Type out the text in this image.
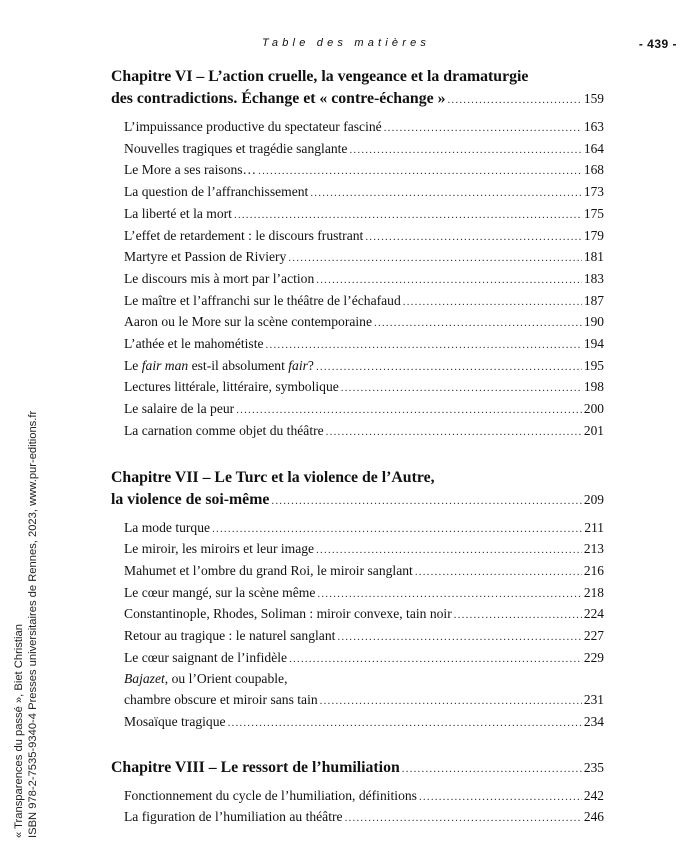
Table des matières	- 439 -
« Transparences du passé », Biet Christian ISBN 978-2-7535-9340-4 Presses universitaires de Rennes, 2023, www.pur-editions.fr
Chapitre VI – L’action cruelle, la vengeance et la dramaturgie
des contradictions. Échange et « contre-échange » .....	159
L’impuissance productive du spectateur fasciné .....	163
Nouvelles tragiques et tragédie sanglante .....	164
Le More a ses raisons… .....	168
La question de l’affranchissement .....	173
La liberté et la mort .....	175
L’effet de retardement : le discours frustrant .....	179
Martyre et Passion de Riviery .....	181
Le discours mis à mort par l’action .....	183
Le maître et l’affranchi sur le théâtre de l’échafaud .....	187
Aaron ou le More sur la scène contemporaine .....	190
L’athée et le mahométiste .....	194
Le fair man est-il absolument fair? .....	195
Lectures littérale, littéraire, symbolique .....	198
Le salaire de la peur .....	200
La carnation comme objet du théâtre .....	201
Chapitre VII – Le Turc et la violence de l’Autre,
la violence de soi-même .....	209
La mode turque .....	211
Le miroir, les miroirs et leur image .....	213
Mahumet et l’ombre du grand Roi, le miroir sanglant .....	216
Le cœur mangé, sur la scène même .....	218
Constantinople, Rhodes, Soliman : miroir convexe, tain noir .....	224
Retour au tragique : le naturel sanglant .....	227
Le cœur saignant de l’infidèle .....	229
Bajazet, ou l’Orient coupable,
chambre obscure et miroir sans tain .....	231
Mosaïque tragique .....	234
Chapitre VIII – Le ressort de l’humiliation .....	235
Fonctionnement du cycle de l’humiliation, définitions .....	242
La figuration de l’humiliation au théâtre .....	246
